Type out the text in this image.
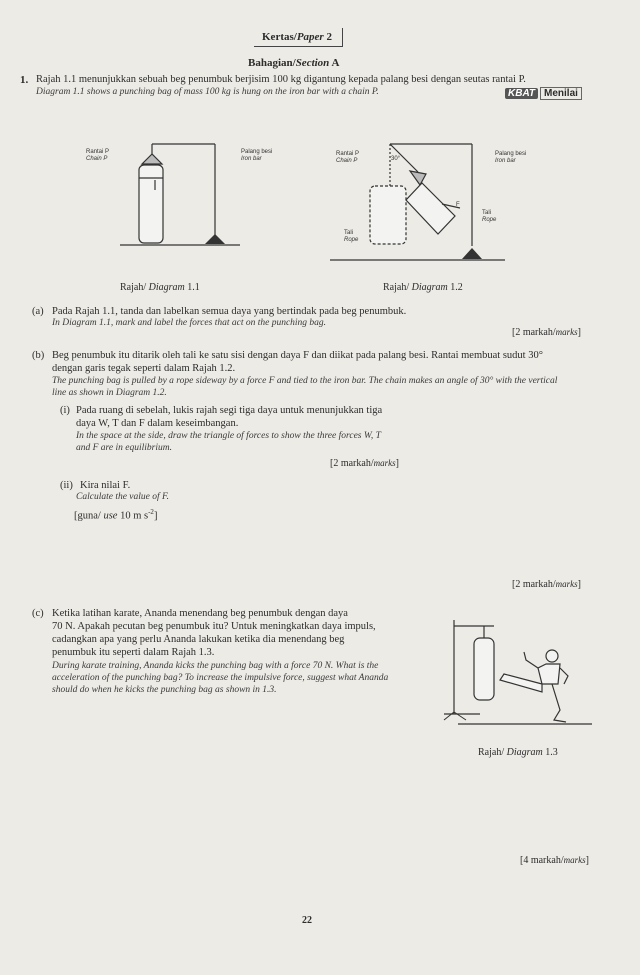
Kertas/Paper 2
Bahagian/Section A
1. Rajah 1.1 menunjukkan sebuah beg penumbuk berjisim 100 kg digantung kepada palang besi dengan seutas rantai P.
Diagram 1.1 shows a punching bag of mass 100 kg is hung on the iron bar with a chain P.	KBAT Menilai
Rantai P
Chain P
Palang besi
Iron bar
Rajah/ Diagram 1.1
Rantai P
Chain P	30°
Palang besi
Iron bar
F
Tali
Rope
Tali
Rope
Rajah/ Diagram 1.2
(a) Pada Rajah 1.1, tanda dan labelkan semua daya yang bertindak pada beg penumbuk.
In Diagram 1.1, mark and label the forces that act on the punching bag.
[2 markah/marks]
(b) Beg penumbuk itu ditarik oleh tali ke satu sisi dengan daya F dan diikat pada palang besi. Rantai membuat sudut 30°
dengan garis tegak seperti dalam Rajah 1.2.
The punching bag is pulled by a rope sideway by a force F and tied to the iron bar. The chain makes an angle of 30° with the vertical
line as shown in Diagram 1.2.
(i) Pada ruang di sebelah, lukis rajah segi tiga daya untuk menunjukkan tiga
daya W, T dan F dalam keseimbangan.
In the space at the side, draw the triangle of forces to show the three forces W, T
and F are in equilibrium.
[2 markah/marks]
(ii) Kira nilai F.
Calculate the value of F.
[guna/ use 10 m $s^{-2}$]
[2 markah/marks]
(c) Ketika latihan karate, Ananda menendang beg penumbuk dengan daya
70 N. Apakah pecutan beg penumbuk itu? Untuk meningkatkan daya impuls,
cadangkan apa yang perlu Ananda lakukan ketika dia menendang beg
penumbuk itu seperti dalam Rajah 1.3.
During karate training, Ananda kicks the punching bag with a force 70 N. What is the
acceleration of the punching bag? To increase the impulsive force, suggest what Ananda
should do when he kicks the punching bag as shown in 1.3.
Rajah/ Diagram 1.3
[4 markah/marks]
22
